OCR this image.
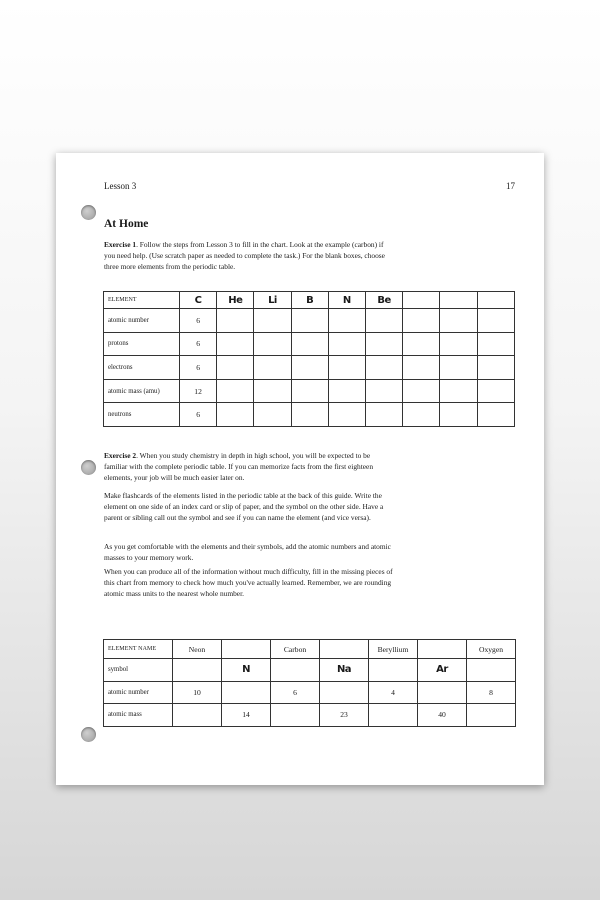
Lesson 3	17
At Home

Exercise 1. Follow the steps from Lesson 3 to fill in the chart. Look at the example (carbon) if you need help. (Use scratch paper as needed to complete the task.) For the blank boxes, choose three more elements from the periodic table.

ELEMENT	C	He	Li	B	N	Be			
atomic number	6								
protons	6								
electrons	6								
atomic mass (amu)	12								
neutrons	6								

Exercise 2. When you study chemistry in depth in high school, you will be expected to be familiar with the complete periodic table. If you can memorize facts from the first eighteen elements, your job will be much easier later on.

Make flashcards of the elements listed in the periodic table at the back of this guide. Write the element on one side of an index card or slip of paper, and the symbol on the other side. Have a parent or sibling call out the symbol and see if you can name the element (and vice versa).

As you get comfortable with the elements and their symbols, add the atomic numbers and atomic masses to your memory work.

When you can produce all of the information without much difficulty, fill in the missing pieces of this chart from memory to check how much you've actually learned. Remember, we are rounding atomic mass units to the nearest whole number.

ELEMENT NAME	Neon		Carbon		Beryllium		Oxygen
symbol		N		Na		Ar	
atomic number	10		6		4		8
atomic mass		14		23		40	
